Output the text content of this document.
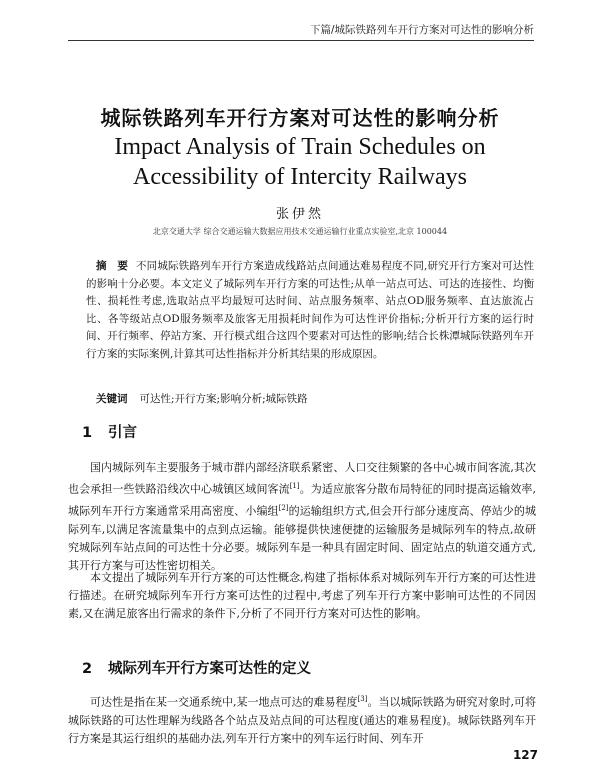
下篇/城际铁路列车开行方案对可达性的影响分析
城际铁路列车开行方案对可达性的影响分析
Impact Analysis of Train Schedules on
Accessibility of Intercity Railways
张伊然
北京交通大学 综合交通运输大数据应用技术交通运输行业重点实验室,北京 100044
摘　要 不同城际铁路列车开行方案造成线路站点间通达难易程度不同,研究开行方案对可达性的影响十分必要。本文定义了城际列车开行方案的可达性;从单一站点可达、可达的连接性、均衡性、损耗性考虑,选取站点平均最短可达时间、站点服务频率、站点OD服务频率、直达旅流占比、各等级站点OD服务频率及旅客无用损耗时间作为可达性评价指标;分析开行方案的运行时间、开行频率、停站方案、开行模式组合这四个要素对可达性的影响;结合长株潭城际铁路列车开行方案的实际案例,计算其可达性指标并分析其结果的形成原因。
关键词 可达性;开行方案;影响分析;城际铁路
1 引言
国内城际列车主要服务于城市群内部经济联系紧密、人口交往频繁的各中心城市间客流,其次也会承担一些铁路沿线次中心城镇区域间客流[1]。为适应旅客分散布局特征的同时提高运输效率,城际列车开行方案通常采用高密度、小编组[2]的运输组织方式,但会开行部分速度高、停站少的城际列车,以满足客流量集中的点到点运输。能够提供快速便捷的运输服务是城际列车的特点,故研究城际列车站点间的可达性十分必要。城际列车是一种具有固定时间、固定站点的轨道交通方式,其开行方案与可达性密切相关。
本文提出了城际列车开行方案的可达性概念,构建了指标体系对城际列车开行方案的可达性进行描述。在研究城际列车开行方案可达性的过程中,考虑了列车开行方案中影响可达性的不同因素,又在满足旅客出行需求的条件下,分析了不同开行方案对可达性的影响。
2 城际列车开行方案可达性的定义
可达性是指在某一交通系统中,某一地点可达的难易程度[3]。当以城际铁路为研究对象时,可将城际铁路的可达性理解为线路各个站点及站点间的可达程度(通达的难易程度)。城际铁路列车开行方案是其运行组织的基础办法,列车开行方案中的列车运行时间、列车开
127
